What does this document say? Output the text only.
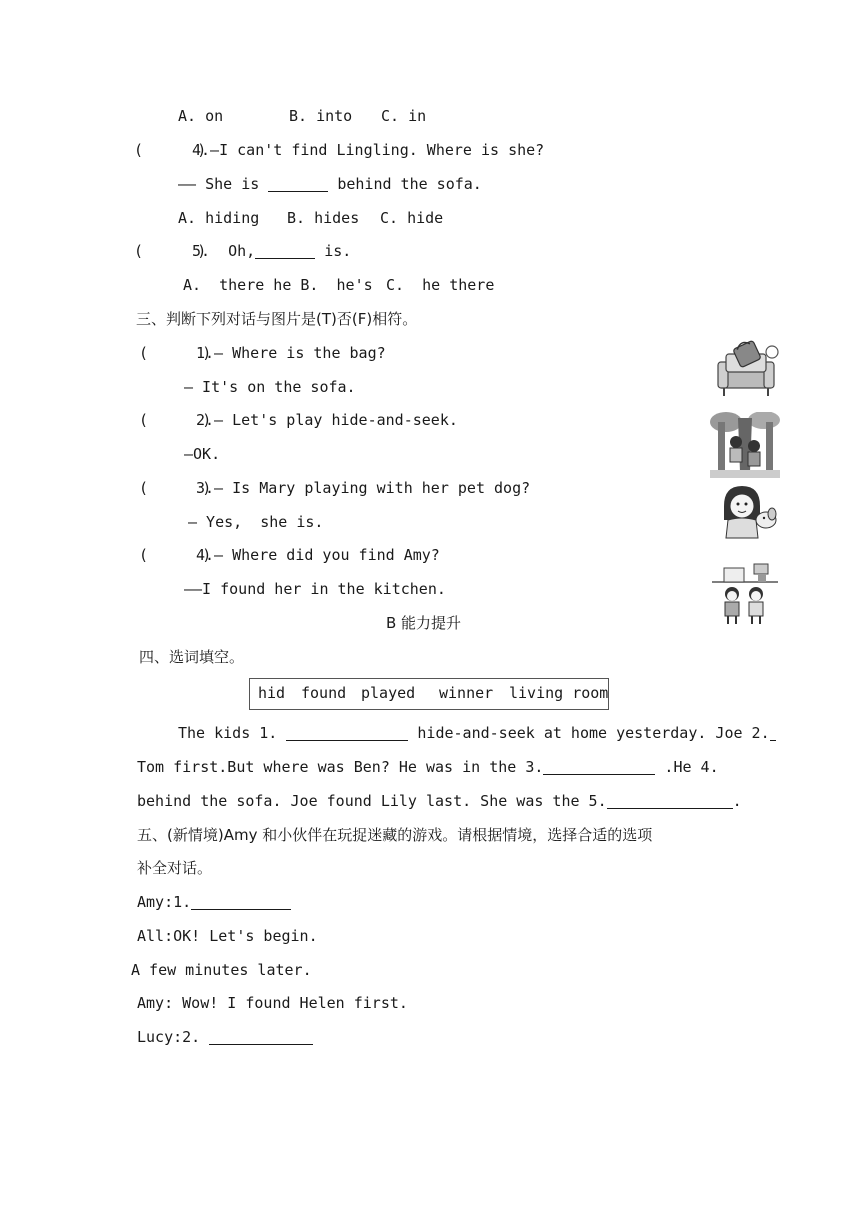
A. on	B. into C. in
(      )
4.—I can't find Lingling. Where is she?
—— She is	behind the sofa.
A. hiding B. hides C. hide
(      )
5.  Oh,	is.
A.  there he B.  he's C.  he there
三、判断下列对话与图片是(T)否(F)相符。
(      )
1.— Where is the bag?
— It's on the sofa.
(      )
2.— Let's play hide-and-seek.
—OK.
(      )
3.— Is Mary playing with her pet dog?
— Yes,  she is.
(      )
4.— Where did you find Amy?
——I found her in the kitchen.
B 能力提升
四、选词填空。
hid found played winner living room
The kids 1.	hide-and-seek at home yesterday. Joe 2.
Tom first.But where was Ben? He was in the 3.	.He 4.
behind the sofa. Joe found Lily last. She was the 5.	.
五、(新情境)Amy 和小伙伴在玩捉迷藏的游戏。请根据情境，选择合适的选项
补全对话。
Amy:1.
All:OK! Let's begin.
A few minutes later.
Amy: Wow! I found Helen first.
Lucy:2.
